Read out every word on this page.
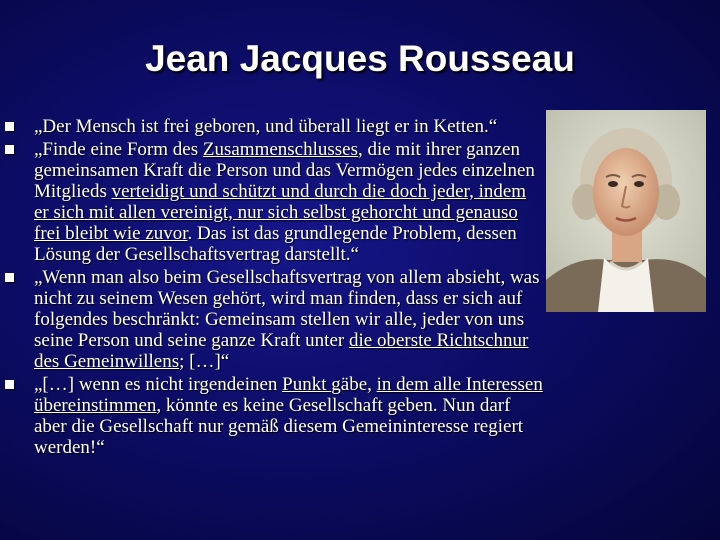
Jean Jacques Rousseau
„Der Mensch ist frei geboren, und überall liegt er in Ketten.“
„Finde eine Form des Zusammenschlusses, die mit ihrer ganzen gemeinsamen Kraft die Person und das Vermögen jedes einzelnen Mitglieds verteidigt und schützt und durch die doch jeder, indem er sich mit allen vereinigt, nur sich selbst gehorcht und genauso frei bleibt wie zuvor. Das ist das grundlegende Problem, dessen Lösung der Gesellschaftsvertrag darstellt.“
„Wenn man also beim Gesellschaftsvertrag von allem absieht, was nicht zu seinem Wesen gehört, wird man finden, dass er sich auf folgendes beschränkt: Gemeinsam stellen wir alle, jeder von uns seine Person und seine ganze Kraft unter die oberste Richtschnur des Gemeinwillens; […]“
„[…] wenn es nicht irgendeinen Punkt gäbe, in dem alle Interessen übereinstimmen, könnte es keine Gesellschaft geben. Nun darf aber die Gesellschaft nur gemäß diesem Gemeininteresse regiert werden!“
